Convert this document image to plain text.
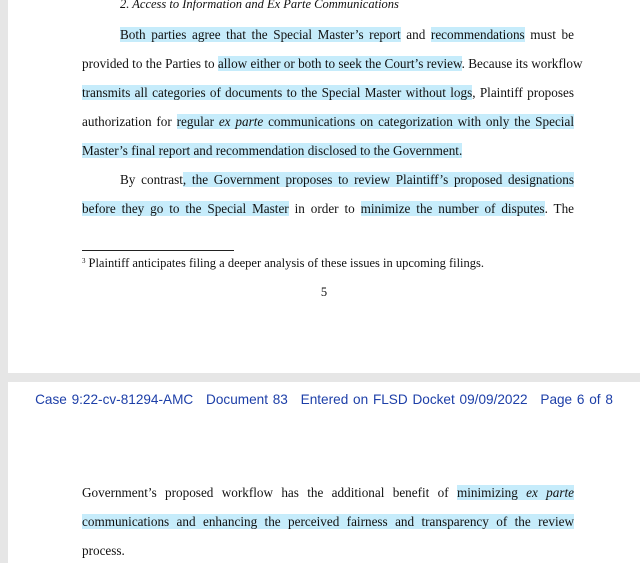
2. Access to Information and Ex Parte Communications
Both parties agree that the Special Master’s report and recommendations must be
provided to the Parties to allow either or both to seek the Court’s review. Because its workflow
transmits all categories of documents to the Special Master without logs, Plaintiff proposes
authorization for regular ex parte communications on categorization with only the Special
Master’s final report and recommendation disclosed to the Government.
By contrast, the Government proposes to review Plaintiff’s proposed designations
before they go to the Special Master in order to minimize the number of disputes. The
$^3$ Plaintiff anticipates filing a deeper analysis of these issues in upcoming filings.
5
Case 9:22-cv-81294-AMC Document 83 Entered on FLSD Docket 09/09/2022 Page 6 of 8
Government’s proposed workflow has the additional benefit of minimizing ex parte
communications and enhancing the perceived fairness and transparency of the review
process.
